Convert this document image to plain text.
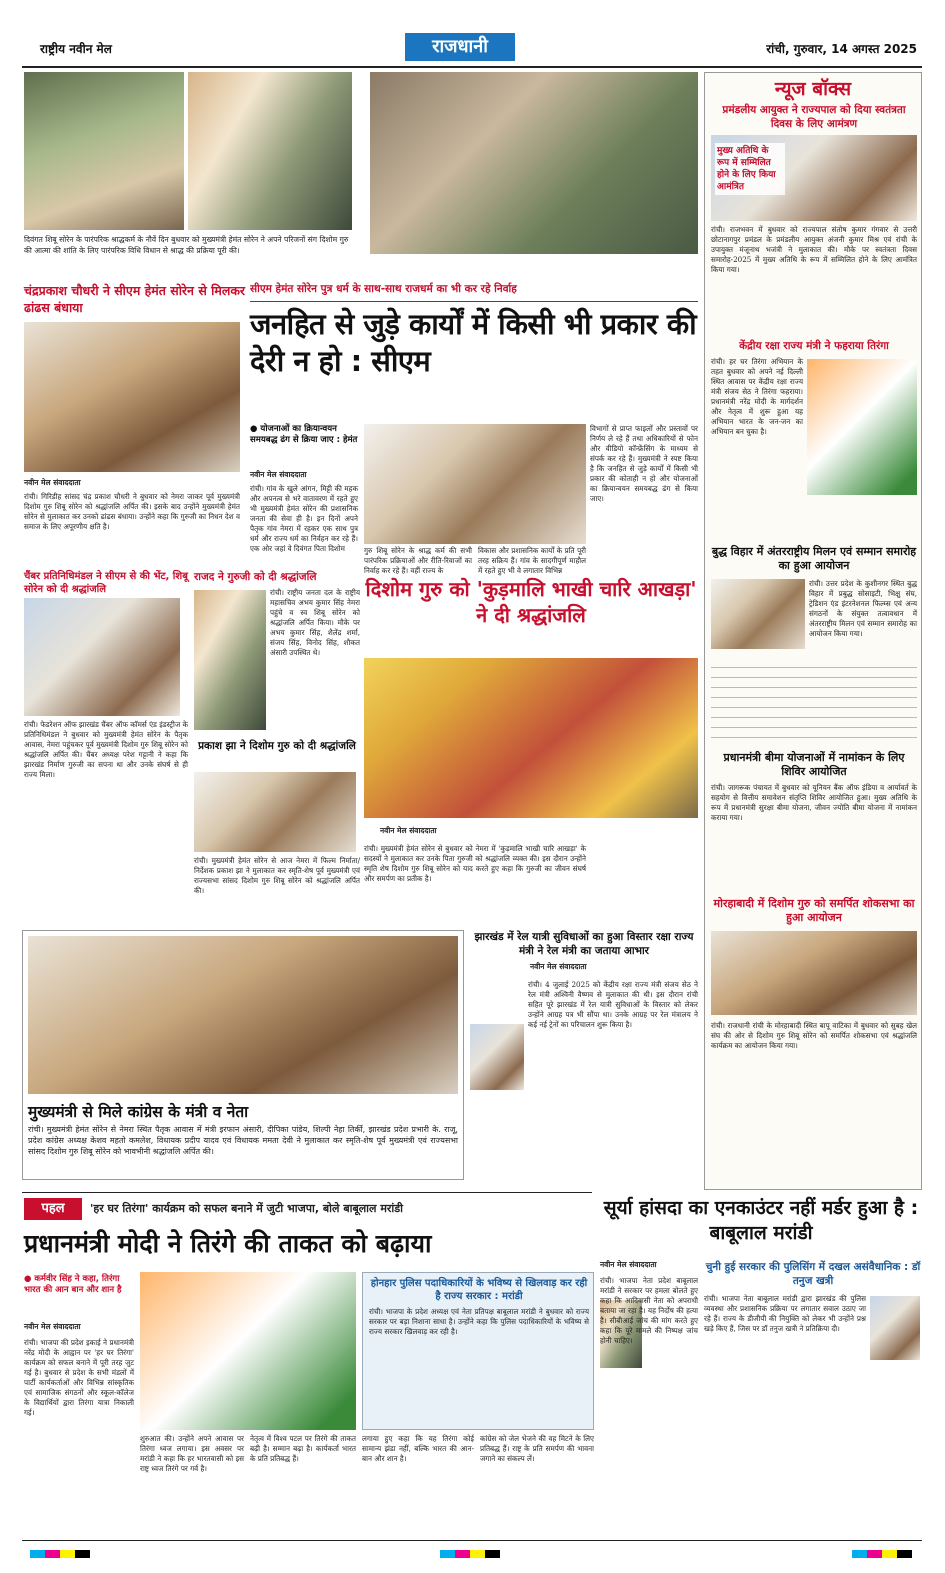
राष्ट्रीय नवीन मेल	राजधानी	रांची, गुरुवार, 14 अगस्त 2025
दिवंगत शिबू सोरेन के पारंपरिक श्राद्धकर्म के नौवें दिन बुधवार को मुख्यमंत्री हेमंत सोरेन ने अपने परिजनों संग दिशोम गुरु की आत्मा की शांति के लिए पारंपरिक विधि विधान से श्राद्ध की प्रक्रिया पूरी की।
न्यूज बॉक्स
प्रमंडलीय आयुक्त ने राज्यपाल को दिया स्वतंत्रता दिवस के लिए आमंत्रण
मुख्य अतिथि के रूप में सम्मिलित होने के लिए किया आमंत्रित
रांची। राजभवन में बुधवार को राज्यपाल संतोष कुमार गंगवार से उत्तरी छोटानागपुर प्रमंडल के प्रमंडलीय आयुक्त अंजनी कुमार मिश्र एवं रांची के उपायुक्त मंजूनाथ भजंत्री ने मुलाकात की। मौके पर स्वतंत्रता दिवस समारोह-2025 में मुख्य अतिथि के रूप में सम्मिलित होने के लिए आमंत्रित किया गया।
केंद्रीय रक्षा राज्य मंत्री ने फहराया तिरंगा
रांची। हर घर तिरंगा अभियान के तहत बुधवार को अपने नई दिल्ली स्थित आवास पर केंद्रीय रक्षा राज्य मंत्री संजय सेठ ने तिरंगा फहराया। प्रधानमंत्री नरेंद्र मोदी के मार्गदर्शन और नेतृत्व में शुरू हुआ यह अभियान भारत के जन-जन का अभियान बन चुका है।
बुद्ध विहार में अंतरराष्ट्रीय मिलन एवं सम्मान समारोह का हुआ आयोजन
रांची। उत्तर प्रदेश के कुशीनगर स्थित बुद्ध विहार में प्रबुद्ध सोसाइटी, भिक्षु संघ, ट्रेडिशन एंड इंटरनेशनल फिल्म्स एवं अन्य संगठनों के संयुक्त तत्वावधान में अंतरराष्ट्रीय मिलन एवं सम्मान समारोह का आयोजन किया गया।
प्रधानमंत्री बीमा योजनाओं में नामांकन के लिए शिविर आयोजित
रांची। जागरूक पंचायत में बुधवार को यूनियन बैंक ऑफ इंडिया व आर्यावर्त के सहयोग से वित्तीय समावेशन संतृप्ति शिविर आयोजित हुआ। मुख्य अतिथि के रूप में प्रधानमंत्री सुरक्षा बीमा योजना, जीवन ज्योति बीमा योजना में नामांकन कराया गया।
मोरहाबादी में दिशोम गुरु को समर्पित शोकसभा का हुआ आयोजन
रांची। राजधानी रांची के मोरहाबादी स्थित बापू वाटिका में बुधवार को सुबह खेल संघ की ओर से दिशोम गुरु शिबू सोरेन को समर्पित शोकसभा एवं श्रद्धांजलि कार्यक्रम का आयोजन किया गया।
चंद्रप्रकाश चौधरी ने सीएम हेमंत सोरेन से मिलकर ढांढस बंधाया
नवीन मेल संवाददाता
रांची। गिरिडीह सांसद चंद्र प्रकाश चौधरी ने बुधवार को नेमरा जाकर पूर्व मुख्यमंत्री दिशोम गुरु शिबू सोरेन को श्रद्धांजलि अर्पित की। इसके बाद उन्होंने मुख्यमंत्री हेमंत सोरेन से मुलाकात कर उनको ढांढस बंधाया। उन्होंने कहा कि गुरुजी का निधन देश व समाज के लिए अपूरणीय क्षति है।
सीएम हेमंत सोरेन पुत्र धर्म के साथ-साथ राजधर्म का भी कर रहे निर्वाह
जनहित से जुड़े कार्यों में किसी भी प्रकार की देरी न हो : सीएम
● योजनाओं का क्रियान्वयन समयबद्ध ढंग से क्रिया जाए : हेमंत
नवीन मेल संवाददाता
रांची। गांव के खुले आंगन, मिट्टी की महक और अपनत्व से भरे वातावरण में रहते हुए भी मुख्यमंत्री हेमंत सोरेन की प्रशासनिक जनता की सेवा ही है। इन दिनों अपने पैतृक गांव नेमरा में रहकर एक साथ पुत्र धर्म और राज्य धर्म का निर्वहन कर रहे हैं। एक ओर जहां वे दिवंगत पिता दिशोम	गुरु शिबू सोरेन के श्राद्ध कर्म की सभी पारंपरिक प्रक्रियाओं और रीति-रिवाजों का निर्वाह कर रहे हैं। वहीं राज्य के
विकास और प्रशासनिक कार्यों के प्रति पूरी तरह सक्रिय हैं। गांव के सादगीपूर्ण माहौल में रहते हुए भी वे लगातार विभिन्न
विभागों से प्राप्त फाइलों और प्रस्तावों पर निर्णय ले रहे हैं तथा अधिकारियों से फोन और वीडियो कॉन्फ्रेंसिंग के माध्यम से संपर्क कर रहे हैं। मुख्यमंत्री ने स्पष्ट किया है कि जनहित से जुड़े कार्यों में किसी भी प्रकार की कोताही न हो और योजनाओं का क्रियान्वयन समयबद्ध ढंग से किया जाए।
चैंबर प्रतिनिधिमंडल ने सीएम से की भेंट, शिबू सोरेन को दी श्रद्धांजलि
रांची। फेडरेशन ऑफ झारखंड चैंबर ऑफ कॉमर्स एंड इंडस्ट्रीज के प्रतिनिधिमंडल ने बुधवार को मुख्यमंत्री हेमंत सोरेन के पैतृक आवास, नेमरा पहुंचकर पूर्व मुख्यमंत्री दिशोम गुरु शिबू सोरेन को श्रद्धांजलि अर्पित की। चैंबर अध्यक्ष परेश गट्टानी ने कहा कि झारखंड निर्माण गुरुजी का सपना था और उनके संघर्ष से ही राज्य मिला।
राजद ने गुरुजी को दी श्रद्धांजलि
रांची। राष्ट्रीय जनता दल के राष्ट्रीय महासचिव अभय कुमार सिंह नेमरा पहुंचे व स्व शिबू सोरेन को श्रद्धांजलि अर्पित किया। मौके पर अभय कुमार सिंह, शैलेंद्र शर्मा, संजय सिंह, विनोद सिंह, शौकत अंसारी उपस्थित थे।
प्रकाश झा ने दिशोम गुरु को दी श्रद्धांजलि
रांची। मुख्यमंत्री हेमंत सोरेन से आज नेमरा में फिल्म निर्माता/निर्देशक प्रकाश झा ने मुलाकात कर स्मृति-शेष पूर्व मुख्यमंत्री एवं राज्यसभा सांसद दिशोम गुरु शिबू सोरेन को श्रद्धांजलि अर्पित की।
दिशोम गुरु को 'कुड़मालि भाखी चारि आखड़ा' ने दी श्रद्धांजलि
नवीन मेल संवाददाता
रांची। मुख्यमंत्री हेमंत सोरेन से बुधवार को नेमरा में 'कुड़मालि भाखी चारि आखड़ा' के सदस्यों ने मुलाकात कर उनके पिता गुरुजी को श्रद्धांजलि व्यक्त की। इस दौरान उन्होंने स्मृति शेष दिशोम गुरु शिबू सोरेन को याद करते हुए कहा कि गुरुजी का जीवन संघर्ष और समर्पण का प्रतीक है।
मुख्यमंत्री से मिले कांग्रेस के मंत्री व नेता
रांची। मुख्यमंत्री हेमंत सोरेन से नेमरा स्थित पैतृक आवास में मंत्री इरफान अंसारी, दीपिका पांडेय, शिल्पी नेहा तिर्की, झारखंड प्रदेश प्रभारी के. राजू, प्रदेश कांग्रेस अध्यक्ष केशव महतो कमलेश, विधायक प्रदीप यादव एवं विधायक ममता देवी ने मुलाकात कर स्मृति-शेष पूर्व मुख्यमंत्री एवं राज्यसभा सांसद दिशोम गुरु शिबू सोरेन को भावभीनी श्रद्धांजलि अर्पित की।
झारखंड में रेल यात्री सुविधाओं का हुआ विस्तार रक्षा राज्य मंत्री ने रेल मंत्री का जताया आभार
नवीन मेल संवाददाता
रांची। 4 जुलाई 2025 को केंद्रीय रक्षा राज्य मंत्री संजय सेठ ने रेल मंत्री अश्विनी वैष्णव से मुलाकात की थी। इस दौरान रांची सहित पूरे झारखंड में रेल यात्री सुविधाओं के विस्तार को लेकर उन्होंने आग्रह पत्र भी सौंपा था। उनके आग्रह पर रेल मंत्रालय ने कई नई ट्रेनों का परिचालन शुरू किया है।
पहल	'हर घर तिरंगा' कार्यक्रम को सफल बनाने में जुटी भाजपा, बोले बाबूलाल मरांडी
प्रधानमंत्री मोदी ने तिरंगे की ताकत को बढ़ाया
● कर्मवीर सिंह ने कहा, तिरंगा भारत की आन बान और शान है
नवीन मेल संवाददाता
रांची। भाजपा की प्रदेश इकाई ने प्रधानमंत्री नरेंद्र मोदी के आह्वान पर 'हर घर तिरंगा' कार्यक्रम को सफल बनाने में पूरी तरह जुट गई है। बुधवार से प्रदेश के सभी मंडलों में पार्टी कार्यकर्ताओं और विभिन्न सांस्कृतिक एवं सामाजिक संगठनों और स्कूल-कॉलेज के विद्यार्थियों द्वारा तिरंगा यात्रा निकाली गई।
शुरुआत की। उन्होंने अपने आवास पर तिरंगा ध्वज लगाया। इस अवसर पर मरांडी ने कहा कि हर भारतवासी को इस राष्ट्र ध्वज तिरंगे पर गर्व है।
नेतृत्व में विश्व पटल पर तिरंगे की ताकत बढ़ी है। सम्मान बढ़ा है। कार्यकर्ता भारत के प्रति प्रतिबद्ध हैं।
होनहार पुलिस पदाधिकारियों के भविष्य से खिलवाड़ कर रही है राज्य सरकार : मरांडी
रांची। भाजपा के प्रदेश अध्यक्ष एवं नेता प्रतिपक्ष बाबूलाल मरांडी ने बुधवार को राज्य सरकार पर बड़ा निशाना साधा है। उन्होंने कहा कि पुलिस पदाधिकारियों के भविष्य से राज्य सरकार खिलवाड़ कर रही है।
लगाया हुए कहा कि यह तिरंगा कोई सामान्य झंडा नहीं, बल्कि भारत की आन-बान और शान है।
कांग्रेस को जेल भेजने की वह मिटने के लिए प्रतिबद्ध हैं। राष्ट्र के प्रति समर्पण की भावना जगाने का संकल्प लें।
सूर्या हांसदा का एनकाउंटर नहीं मर्डर हुआ है : बाबूलाल मरांडी
नवीन मेल संवाददाता	चुनी हुई सरकार की पुलिसिंग में दखल असंवैधानिक : डॉ तनुज खत्री
रांची। भाजपा नेता प्रदेश बाबूलाल मरांडी ने सरकार पर हमला बोलते हुए कहा कि आदिवासी नेता को अपराधी बताया जा रहा है। यह निर्दोष की हत्या है। सीबीआई जांच की मांग करते हुए कहा कि पूरे मामले की निष्पक्ष जांच होनी चाहिए।
रांची। भाजपा नेता बाबूलाल मरांडी द्वारा झारखंड की पुलिस व्यवस्था और प्रशासनिक प्रक्रिया पर लगातार सवाल उठाए जा रहे हैं। राज्य के डीजीपी की नियुक्ति को लेकर भी उन्होंने प्रश्न खड़े किए हैं, जिस पर डॉ तनुज खत्री ने प्रतिक्रिया दी।
